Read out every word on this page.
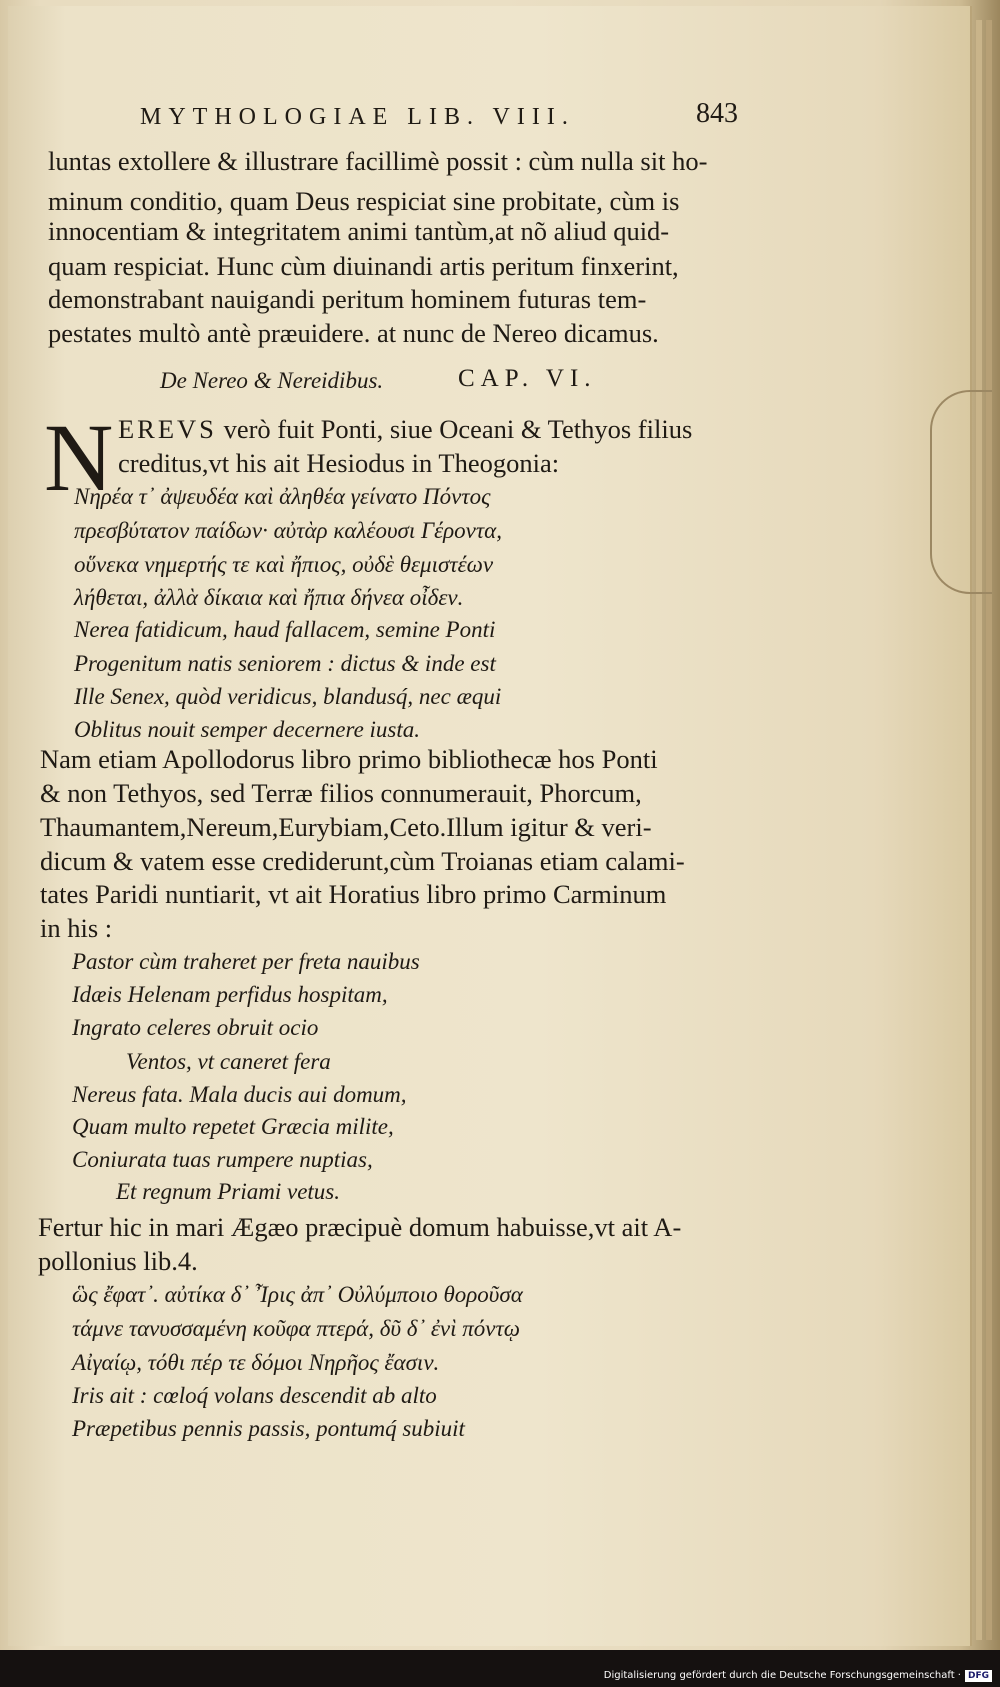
MYTHOLOGIAE LIB. VIII.	843
luntas extollere & illustrare facillimè possit : cùm nulla sit ho-
minum conditio, quam Deus respiciat sine probitate, cùm is
innocentiam & integritatem animi tantùm,at nõ aliud quid-
quam respiciat. Hunc cùm diuinandi artis peritum finxerint,
demonstrabant nauigandi peritum hominem futuras tem-
pestates multò antè præuidere. at nunc de Nereo dicamus.
De Nereo & Nereidibus.	CAP. VI.
N EREVS verò fuit Ponti, siue Oceani & Tethyos filius
creditus,vt his ait Hesiodus in Theogonia:
Νηρέα τ᾽ ἀψευδέα καὶ ἀληθέα γείνατο Πόντος
πρεσβύτατον παίδων· αὐτὰρ καλέουσι Γέροντα,
οὕνεκα νημερτής τε καὶ ἤπιος, οὐδὲ θεμιστέων
λήθεται, ἀλλὰ δίκαια καὶ ἤπια δήνεα οἶδεν.
Nerea fatidicum, haud fallacem, semine Ponti
Progenitum natis seniorem : dictus & inde est
Ille Senex, quòd veridicus, blandusq́, nec æqui
Oblitus nouit semper decernere iusta.
Nam etiam Apollodorus libro primo bibliothecæ hos Ponti
& non Tethyos, sed Terræ filios connumerauit, Phorcum,
Thaumantem,Nereum,Eurybiam,Ceto.Illum igitur & veri-
dicum & vatem esse crediderunt,cùm Troianas etiam calami-
tates Paridi nuntiarit, vt ait Horatius libro primo Carminum
in his :
Pastor cùm traheret per freta nauibus
Idæis Helenam perfidus hospitam,
Ingrato celeres obruit ocio
Ventos, vt caneret fera
Nereus fata. Mala ducis aui domum,
Quam multo repetet Græcia milite,
Coniurata tuas rumpere nuptias,
Et regnum Priami vetus.
Fertur hic in mari Ægæo præcipuè domum habuisse,vt ait A-
pollonius lib.4.
ὣς ἔφατ᾽. αὐτίκα δ᾽ Ἶρις ἀπ᾽ Οὐλύμποιο θοροῦσα
τάμνε τανυσσαμένη κοῦφα πτερά, δῦ δ᾽ ἐνὶ πόντῳ
Αἰγαίῳ, τόθι πέρ τε δόμοι Νηρῆος ἔασιν.
Iris ait : cœloq́ volans descendit ab alto
Præpetibus pennis passis, pontumq́ subiuit
Digitalisierung gefördert durch die Deutsche Forschungsgemeinschaft · DFG
